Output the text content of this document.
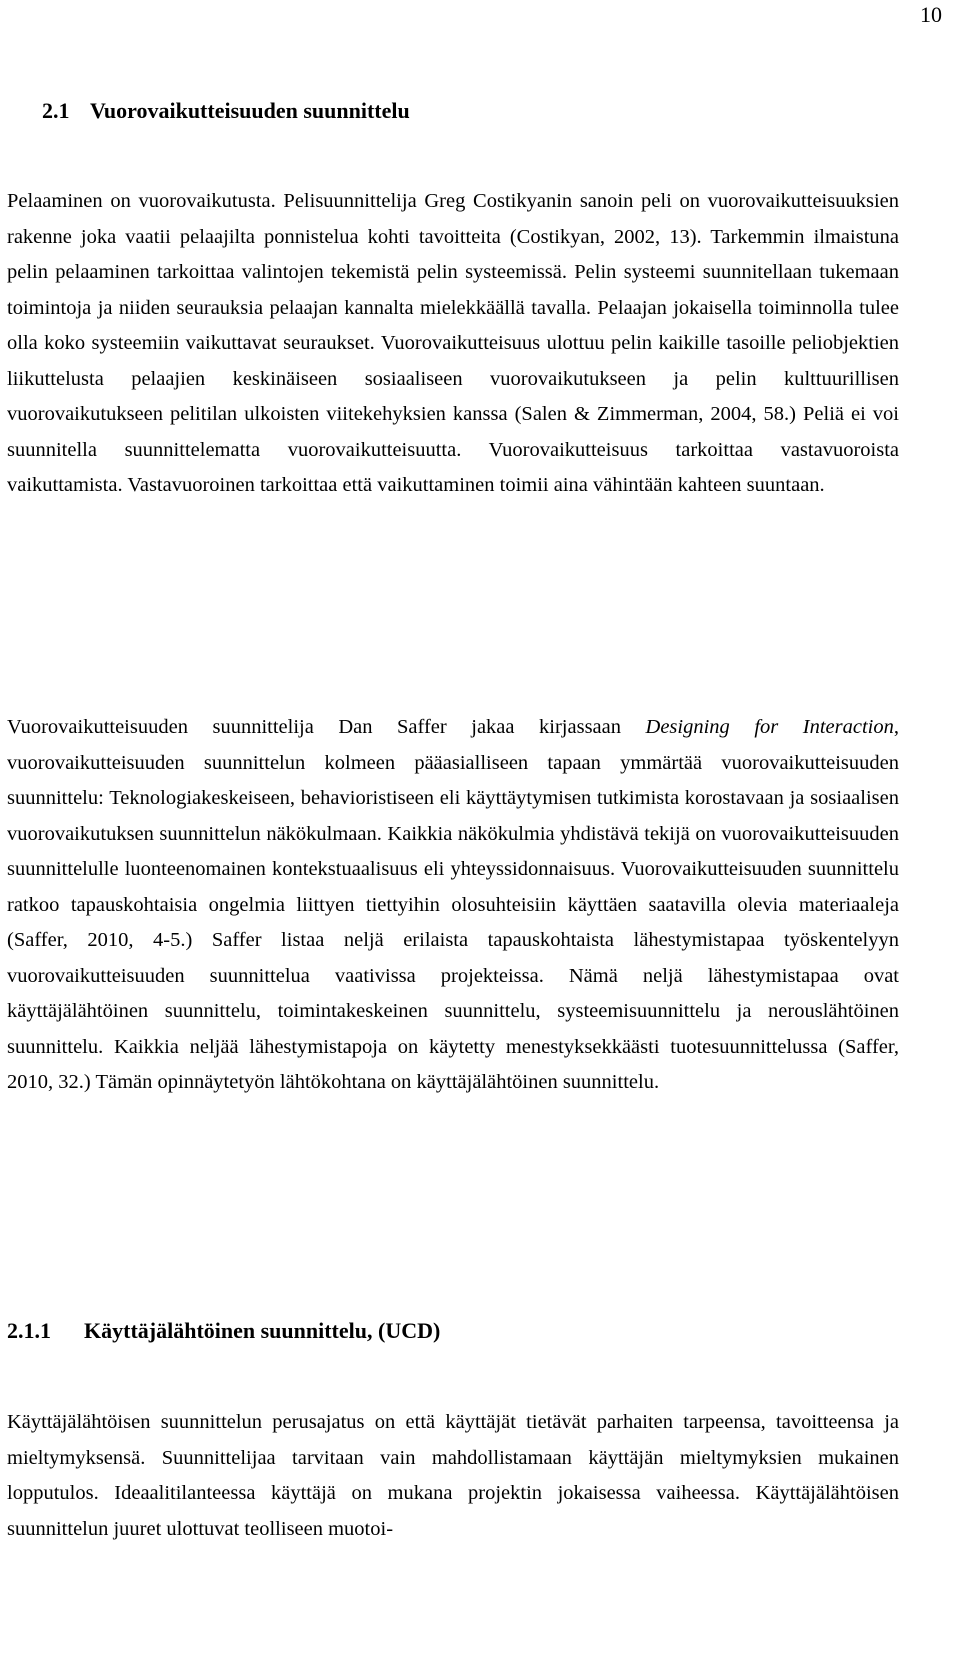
10
2.1 Vuorovaikutteisuuden suunnittelu

Pelaaminen on vuorovaikutusta. Pelisuunnittelija Greg Costikyanin sanoin peli on vuorovaikutteisuuksien rakenne joka vaatii pelaajilta ponnistelua kohti tavoitteita (Costikyan, 2002, 13). Tarkemmin ilmaistuna pelin pelaaminen tarkoittaa valintojen tekemistä pelin systeemissä. Pelin systeemi suunnitellaan tukemaan toimintoja ja niiden seurauksia pelaajan kannalta mielekkäällä tavalla. Pelaajan jokaisella toiminnolla tulee olla koko systeemiin vaikuttavat seuraukset. Vuorovaikutteisuus ulottuu pelin kaikille tasoille peliobjektien liikuttelusta pelaajien keskinäiseen sosiaaliseen vuorovaikutukseen ja pelin kulttuurillisen vuorovaikutukseen pelitilan ulkoisten viitekehyksien kanssa (Salen & Zimmerman, 2004, 58.) Peliä ei voi suunnitella suunnittelematta vuorovaikutteisuutta. Vuorovaikutteisuus tarkoittaa vastavuoroista vaikuttamista. Vastavuoroinen tarkoittaa että vaikuttaminen toimii aina vähintään kahteen suuntaan.

Vuorovaikutteisuuden suunnittelija Dan Saffer jakaa kirjassaan Designing for Interaction, vuorovaikutteisuuden suunnittelun kolmeen pääasialliseen tapaan ymmärtää vuorovaikutteisuuden suunnittelu: Teknologiakeskeiseen, behavioristiseen eli käyttäytymisen tutkimista korostavaan ja sosiaalisen vuorovaikutuksen suunnittelun näkökulmaan. Kaikkia näkökulmia yhdistävä tekijä on vuorovaikutteisuuden suunnittelulle luonteenomainen kontekstuaalisuus eli yhteyssidonnaisuus. Vuorovaikutteisuuden suunnittelu ratkoo tapauskohtaisia ongelmia liittyen tiettyihin olosuhteisiin käyttäen saatavilla olevia materiaaleja (Saffer, 2010, 4-5.) Saffer listaa neljä erilaista tapauskohtaista lähestymistapaa työskentelyyn vuorovaikutteisuuden suunnittelua vaativissa projekteissa. Nämä neljä lähestymistapaa ovat käyttäjälähtöinen suunnittelu, toimintakeskeinen suunnittelu, systeemisuunnittelu ja nerouslähtöinen suunnittelu. Kaikkia neljää lähestymistapoja on käytetty menestyksekkäästi tuotesuunnittelussa (Saffer, 2010, 32.) Tämän opinnäytetyön lähtökohtana on käyttäjälähtöinen suunnittelu.

2.1.1 Käyttäjälähtöinen suunnittelu, (UCD)

Käyttäjälähtöisen suunnittelun perusajatus on että käyttäjät tietävät parhaiten tarpeensa, tavoitteensa ja mieltymyksensä. Suunnittelijaa tarvitaan vain mahdollistamaan käyttäjän mieltymyksien mukainen lopputulos. Ideaalitilanteessa käyttäjä on mukana projektin jokaisessa vaiheessa. Käyttäjälähtöisen suunnittelun juuret ulottuvat teolliseen muotoi-
